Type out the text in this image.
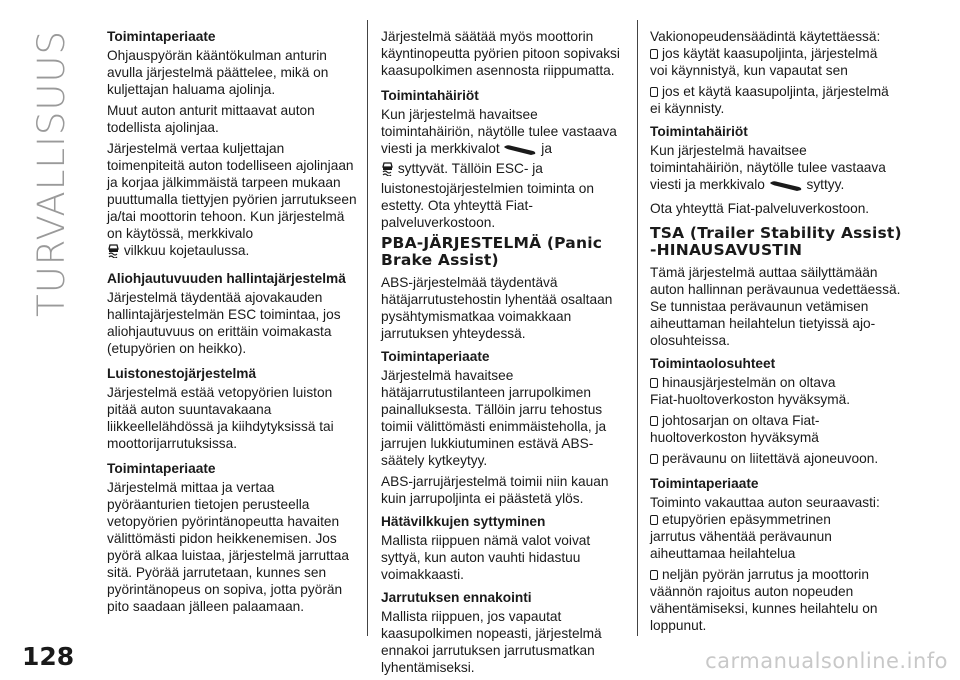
TURVALLISUUS
128	carmanualsonline.info
Toimintaperiaate
Ohjauspyörän kääntökulman anturin avulla järjestelmä päättelee, mikä on kuljettajan haluama ajolinja.
Muut auton anturit mittaavat auton todellista ajolinjaa.
Järjestelmä vertaa kuljettajan toimenpiteitä auton todelliseen ajolinjaan ja korjaa jälkimmäistä tarpeen mukaan puuttumalla tiettyjen pyörien jarrutukseen ja/tai moottorin tehoon. Kun järjestelmä on käytössä, merkkivalo
vilkkuu kojetaulussa.
Aliohjautuvuuden hallintajärjestelmä
Järjestelmä täydentää ajovakauden hallintajärjestelmän ESC toimintaa, jos aliohjautuvuus on erittäin voimakasta (etupyörien on heikko).
Luistonestojärjestelmä
Järjestelmä estää vetopyörien luiston pitää auton suuntavakaana liikkeellelähdössä ja kiihdytyksissä tai moottorijarrutuksissa.
Toimintaperiaate
Järjestelmä mittaa ja vertaa pyöräanturien tietojen perusteella vetopyörien pyörintänopeutta havaiten välittömästi pidon heikkenemisen. Jos pyörä alkaa luistaa, järjestelmä jarruttaa sitä. Pyörää jarrutetaan, kunnes sen pyörintänopeus on sopiva, jotta pyörän pito saadaan jälleen palaamaan.
Järjestelmä säätää myös moottorin käyntinopeutta pyörien pitoon sopivaksi kaasupolkimen asennosta riippumatta.
Toimintahäiriöt
Kun järjestelmä havaitsee toimintahäiriön, näytölle tulee vastaava viesti ja merkkivalot	ja
syttyvät. Tällöin ESC- ja luistonestojärjestelmien toiminta on estetty. Ota yhteyttä Fiat-palveluverkostoon.
PBA-JÄRJESTELMÄ (Panic Brake Assist)
ABS-järjestelmää täydentävä hätäjarrutustehostin lyhentää osaltaan pysähtymismatkaa voimakkaan jarrutuksen yhteydessä.
Toimintaperiaate
Järjestelmä havaitsee hätäjarrutustilanteen jarrupolkimen painalluksesta. Tällöin jarru tehostus toimii välittömästi enimmäisteholla, ja jarrujen lukkiutuminen estävä ABS-säätely kytkeytyy.
ABS-jarrujärjestelmä toimii niin kauan kuin jarrupoljinta ei päästetä ylös.
Hätävilkkujen syttyminen
Mallista riippuen nämä valot voivat syttyä, kun auton vauhti hidastuu voimakkaasti.
Jarrutuksen ennakointi
Mallista riippuen, jos vapautat kaasupolkimen nopeasti, järjestelmä ennakoi jarrutuksen jarrutusmatkan lyhentämiseksi.
Vakionopeudensäädintä käytettäessä:
jos käytät kaasupoljinta, järjestelmä
voi käynnistyä, kun vapautat sen
jos et käytä kaasupoljinta, järjestelmä
ei käynnisty.
Toimintahäiriöt
Kun järjestelmä havaitsee toimintahäiriön, näytölle tulee vastaava viesti ja merkkivalo	syttyy.
Ota yhteyttä Fiat-palveluverkostoon.
TSA (Trailer Stability Assist) -HINAUSAVUSTIN
Tämä järjestelmä auttaa säilyttämään auton hallinnan perävaunua vedettäessä. Se tunnistaa perävaunun vetämisen aiheuttaman heilahtelun tietyissä ajo-olosuhteissa.
Toimintaolosuhteet
hinausjärjestelmän on oltava
Fiat-huoltoverkoston hyväksymä.
johtosarjan on oltava Fiat-
huoltoverkoston hyväksymä
perävaunu on liitettävä ajoneuvoon.
Toimintaperiaate
Toiminto vakauttaa auton seuraavasti:
etupyörien epäsymmetrinen
jarrutus vähentää perävaunun
aiheuttamaa heilahtelua
neljän pyörän jarrutus ja moottorin
väännön rajoitus auton nopeuden
vähentämiseksi, kunnes heilahtelu on
loppunut.
